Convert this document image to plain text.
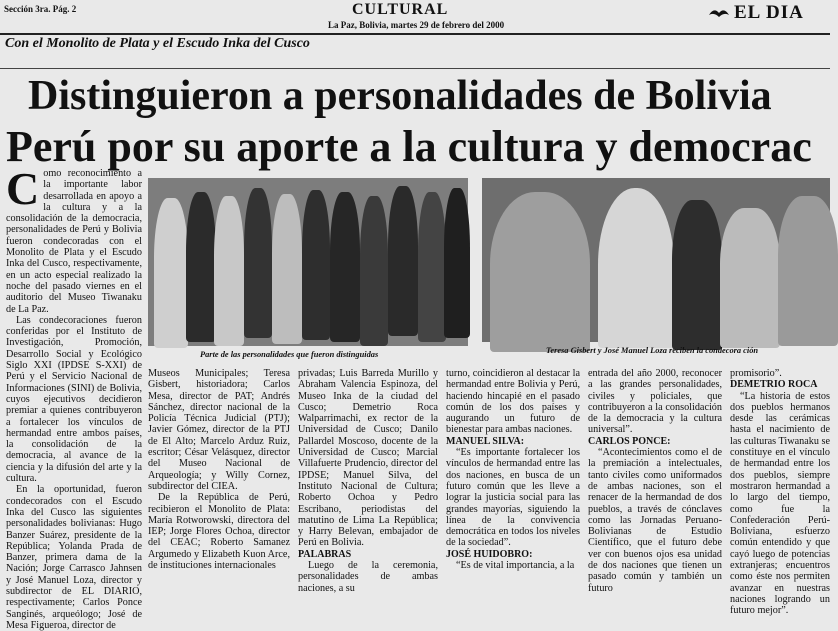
Sección 3ra. Pág. 2	CULTURAL
La Paz, Bolivia, martes 29 de febrero del 2000
EL DIA
Con el Monolito de Plata y el Escudo Inka del Cusco
Distinguieron a personalidades de Bolivia
Perú por su aporte a la cultura y democrac
Parte de las personalidades que fueron distinguidas	Teresa Gisbert y José Manuel Loza reciben la condecora ción
C omo reconocimiento a la importante labor desarrollada en apoyo a la cultura y a la consolidación de la democracia, personalidades de Perú y Bolivia fueron condecoradas con el Monolito de Plata y el Escudo Inka del Cusco, respectivamente, en un acto especial realizado la noche del pasado viernes en el auditorio del Museo Tiwanaku de La Paz.

Las condecoraciones fueron conferidas por el Instituto de Investigación, Promoción, Desarrollo Social y Ecológico Siglo XXI (IPDSE S-XXI) de Perú y el Servicio Nacional de Informaciones (SINI) de Bolivia, cuyos ejecutivos decidieron premiar a quienes contribuyeron a fortalecer los vínculos de hermandad entre ambos países, la consolidación de la democracia, al avance de la ciencia y la difusión del arte y la cultura.

En la oportunidad, fueron condecorados con el Escudo Inka del Cusco las siguientes personalidades bolivianas: Hugo Banzer Suárez, presidente de la República; Yolanda Prada de Banzer, primera dama de la Nación; Jorge Carrasco Jahnsen y José Manuel Loza, director y subdirector de EL DIARIO, respectivamente; Carlos Ponce Sanginés, arqueólogo; José de Mesa Figueroa, director de

Museos Municipales; Teresa Gisbert, historiadora; Carlos Mesa, director de PAT; Andrés Sánchez, director nacional de la Policía Técnica Judicial (PTJ); Javier Gómez, director de la PTJ de El Alto; Marcelo Arduz Ruiz, escritor; César Velásquez, director del Museo Nacional de Arqueología; y Willy Cornez, subdirector del CIEA.

De la República de Perú, recibieron el Monolito de Plata: María Rotworowski, directora del IEP; Jorge Flores Ochoa, director del CEAC; Roberto Samanez Argumedo y Elizabeth Kuon Arce, de instituciones internacionales

privadas; Luis Barreda Murillo y Abraham Valencia Espinoza, del Museo Inka de la ciudad del Cusco; Demetrio Roca Walparrimachi, ex rector de la Universidad de Cusco; Danilo Pallardel Moscoso, docente de la Universidad de Cusco; Marcial Villafuerte Prudencio, director del IPDSE; Manuel Silva, del Instituto Nacional de Cultura; Roberto Ochoa y Pedro Escribano, periodistas del matutino de Lima La República; y Harry Belevan, embajador de Perú en Bolivia.

PALABRAS

Luego de la ceremonia, personalidades de ambas naciones, a su

turno, coincidieron al destacar la hermandad entre Bolivia y Perú, haciendo hincapié en el pasado común de los dos países y augurando un futuro de bienestar para ambas naciones.

MANUEL SILVA:

“Es importante fortalecer los vínculos de hermandad entre las dos naciones, en busca de un futuro común que les lleve a lograr la justicia social para las grandes mayorías, siguiendo la línea de la convivencia democrática en todos los niveles de la sociedad”.

JOSÉ HUIDOBRO:

“Es de vital importancia, a la

entrada del año 2000, reconocer a las grandes personalidades, civiles y policiales, que contribuyeron a la consolidación de la democracia y la cultura universal”.

CARLOS PONCE:

“Acontecimientos como el de la premiación a intelectuales, tanto civiles como uniformados de ambas naciones, son el renacer de la hermandad de dos pueblos, a través de cónclaves como las Jornadas Peruano-Bolivianas de Estudio Científico, que el futuro debe ver con buenos ojos esa unidad de dos naciones que tienen un pasado común y también un futuro

promisorio”.

DEMETRIO ROCA

“La historia de estos dos pueblos hermanos desde las cerámicas hasta el nacimiento de las culturas Tiwanaku se constituye en el vínculo de hermandad entre los dos pueblos, siempre mostraron hermandad a lo largo del tiempo, como fue la Confederación Perú-Boliviana, esfuerzo común entendido y que cayó luego de potencias extranjeras; encuentros como éste nos permiten avanzar en nuestras naciones logrando un futuro mejor”.
